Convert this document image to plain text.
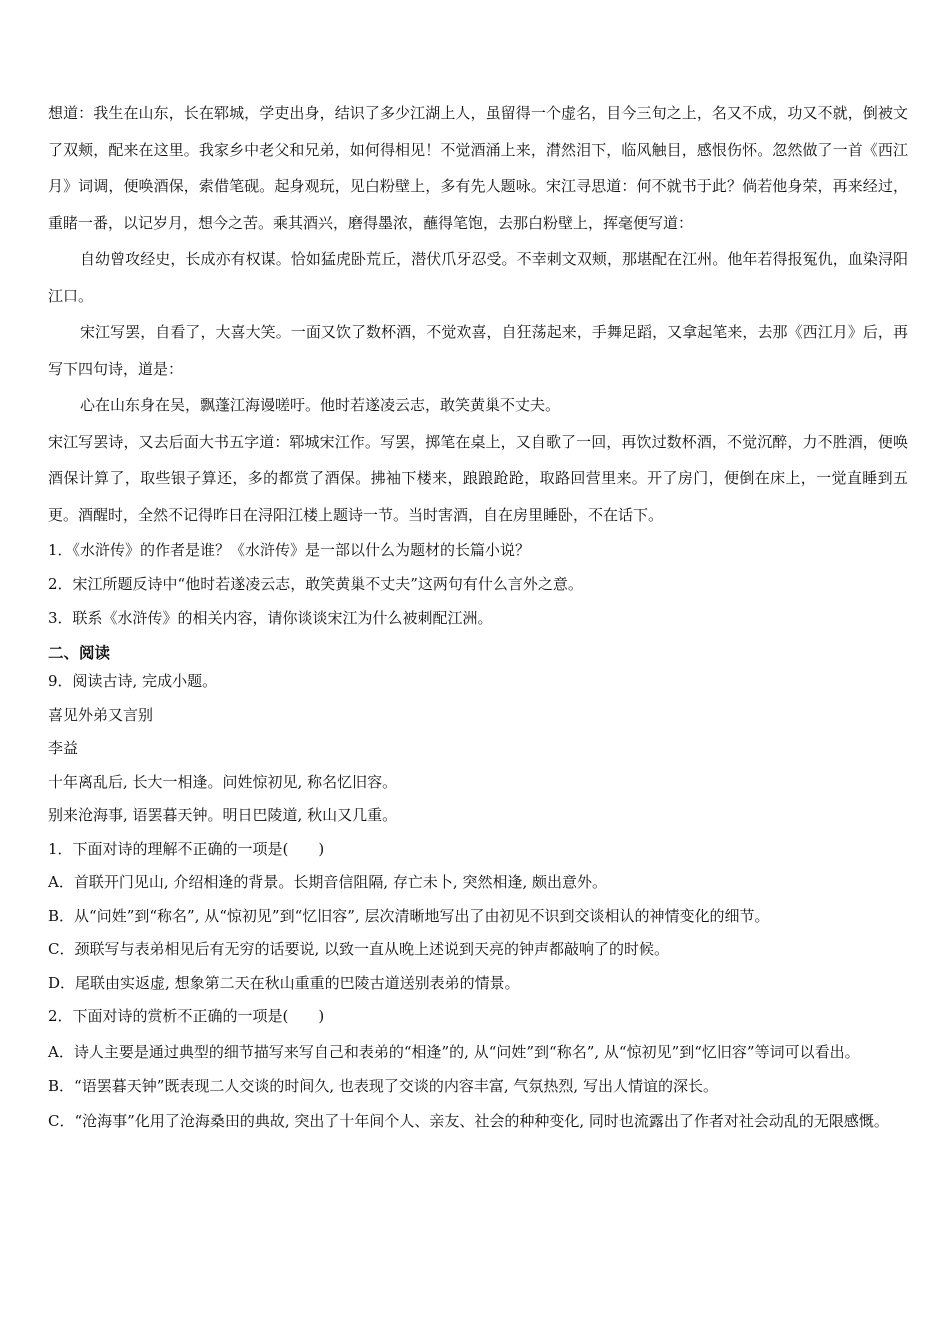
想道：我生在山东，长在郓城，学吏出身，结识了多少江湖上人，虽留得一个虚名，目今三旬之上，名又不成，功又不就，倒被文了双颊，配来在这里。我家乡中老父和兄弟，如何得相见！不觉酒涌上来，潸然泪下，临风触目，感恨伤怀。忽然做了一首《西江月》词调，便唤酒保，索借笔砚。起身观玩，见白粉壁上，多有先人题咏。宋江寻思道：何不就书于此？倘若他身荣，再来经过，重睹一番，以记岁月，想今之苦。乘其酒兴，磨得墨浓，蘸得笔饱，去那白粉壁上，挥毫便写道：

自幼曾攻经史，长成亦有权谋。恰如猛虎卧荒丘，潜伏爪牙忍受。不幸刺文双颊，那堪配在江州。他年若得报冤仇，血染浔阳江口。

宋江写罢，自看了，大喜大笑。一面又饮了数杯酒，不觉欢喜，自狂荡起来，手舞足蹈，又拿起笔来，去那《西江月》后，再写下四句诗，道是：

心在山东身在吴，飘蓬江海谩嗟吁。他时若遂凌云志，敢笑黄巢不丈夫。

宋江写罢诗，又去后面大书五字道：郓城宋江作。写罢，掷笔在桌上，又自歌了一回，再饮过数杯酒，不觉沉醉，力不胜酒，便唤酒保计算了，取些银子算还，多的都赏了酒保。拂袖下楼来，踉踉跄跄，取路回营里来。开了房门，便倒在床上，一觉直睡到五更。酒醒时，全然不记得昨日在浔阳江楼上题诗一节。当时害酒，自在房里睡卧，不在话下。

1．《水浒传》的作者是谁？《水浒传》是一部以什么为题材的长篇小说？

2．宋江所题反诗中“他时若遂凌云志，敢笑黄巢不丈夫”这两句有什么言外之意。

3．联系《水浒传》的相关内容，请你谈谈宋江为什么被刺配江洲。

二、阅读

9．阅读古诗, 完成小题。

喜见外弟又言别

李益

十年离乱后, 长大一相逢。问姓惊初见, 称名忆旧容。

别来沧海事, 语罢暮天钟。明日巴陵道, 秋山又几重。

1．下面对诗的理解不正确的一项是(　　)

A．首联开门见山, 介绍相逢的背景。长期音信阻隔, 存亡未卜, 突然相逢, 颇出意外。

B．从“问姓”到“称名”, 从“惊初见”到“忆旧容”, 层次清晰地写出了由初见不识到交谈相认的神情变化的细节。

C．颈联写与表弟相见后有无穷的话要说, 以致一直从晚上述说到天亮的钟声都敲响了的时候。

D．尾联由实返虚, 想象第二天在秋山重重的巴陵古道送别表弟的情景。

2．下面对诗的赏析不正确的一项是(　　)

A．诗人主要是通过典型的细节描写来写自己和表弟的“相逢”的, 从“问姓”到“称名”, 从“惊初见”到“忆旧容”等词可以看出。

B．“语罢暮天钟”既表现二人交谈的时间久, 也表现了交谈的内容丰富, 气氛热烈, 写出人情谊的深长。

C．“沧海事”化用了沧海桑田的典故, 突出了十年间个人、亲友、社会的种种变化, 同时也流露出了作者对社会动乱的无限感慨。
